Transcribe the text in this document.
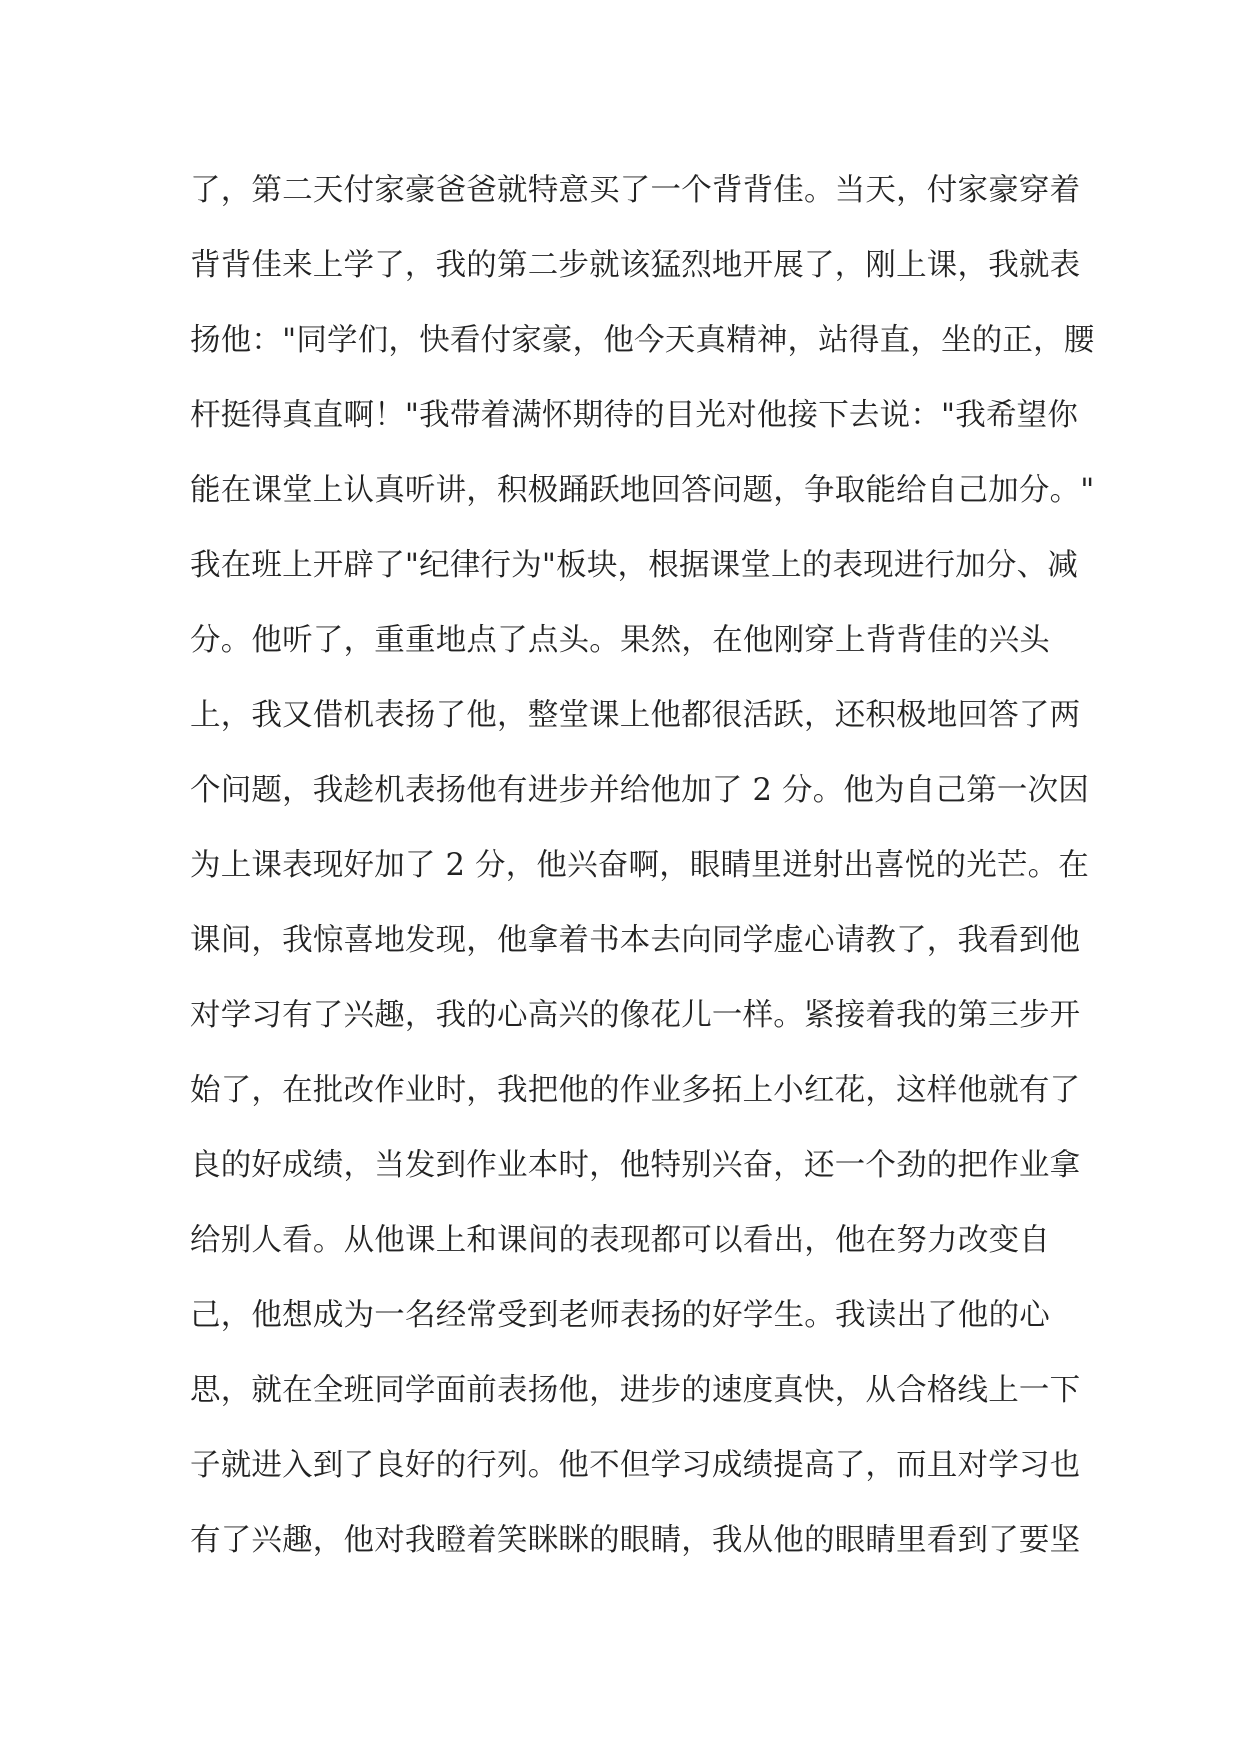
了，第二天付家豪爸爸就特意买了一个背背佳。当天，付家豪穿着
背背佳来上学了，我的第二步就该猛烈地开展了，刚上课，我就表
扬他："同学们，快看付家豪，他今天真精神，站得直，坐的正，腰
杆挺得真直啊！"我带着满怀期待的目光对他接下去说："我希望你
能在课堂上认真听讲，积极踊跃地回答问题，争取能给自己加分。"
我在班上开辟了"纪律行为"板块，根据课堂上的表现进行加分、减
分。他听了，重重地点了点头。果然，在他刚穿上背背佳的兴头
上，我又借机表扬了他，整堂课上他都很活跃，还积极地回答了两
个问题，我趁机表扬他有进步并给他加了 2 分。他为自己第一次因
为上课表现好加了 2 分，他兴奋啊，眼睛里迸射出喜悦的光芒。在
课间，我惊喜地发现，他拿着书本去向同学虚心请教了，我看到他
对学习有了兴趣，我的心高兴的像花儿一样。紧接着我的第三步开
始了，在批改作业时，我把他的作业多拓上小红花，这样他就有了
良的好成绩，当发到作业本时，他特别兴奋，还一个劲的把作业拿
给别人看。从他课上和课间的表现都可以看出，他在努力改变自
己，他想成为一名经常受到老师表扬的好学生。我读出了他的心
思，就在全班同学面前表扬他，进步的速度真快，从合格线上一下
子就进入到了良好的行列。他不但学习成绩提高了，而且对学习也
有了兴趣，他对我瞪着笑眯眯的眼睛，我从他的眼睛里看到了要坚
